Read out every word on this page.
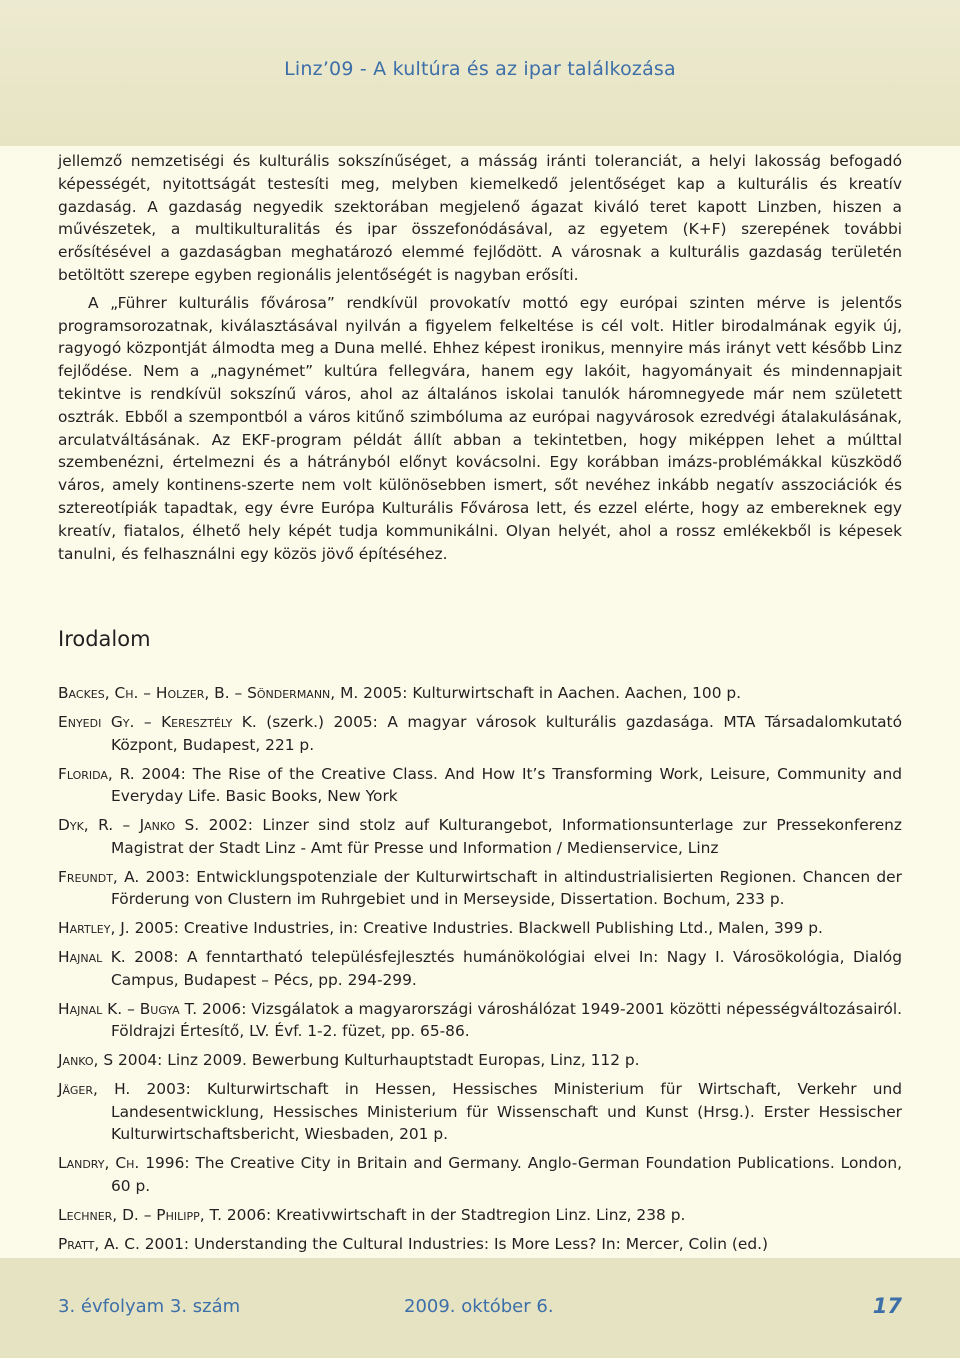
Linz’09 - A kultúra és az ipar találkozása

jellemző nemzetiségi és kulturális sokszínűséget, a másság iránti toleranciát, a helyi lakosság befogadó képességét, nyitottságát testesíti meg, melyben kiemelkedő jelentőséget kap a kulturális és kreatív gazdaság. A gazdaság negyedik szektorában megjelenő ágazat kiváló teret kapott Linzben, hiszen a művészetek, a multikulturalitás és ipar összefonódásával, az egyetem (K+F) szerepének további erősítésével a gazdaságban meghatározó elemmé fejlődött. A városnak a kulturális gazdaság területén betöltött szerepe egyben regionális jelentőségét is nagyban erősíti.

A „Führer kulturális fővárosa” rendkívül provokatív mottó egy európai szinten mérve is jelentős programsorozatnak, kiválasztásával nyilván a figyelem felkeltése is cél volt. Hitler birodalmának egyik új, ragyogó központját álmodta meg a Duna mellé. Ehhez képest ironikus, mennyire más irányt vett később Linz fejlődése. Nem a „nagynémet” kultúra fellegvára, hanem egy lakóit, hagyományait és mindennapjait tekintve is rendkívül sokszínű város, ahol az általános iskolai tanulók háromnegyede már nem született osztrák. Ebből a szempontból a város kitűnő szimbóluma az európai nagyvárosok ezredvégi átalakulásának, arculatváltásának. Az EKF-program példát állít abban a tekintetben, hogy miképpen lehet a múlttal szembenézni, értelmezni és a hátrányból előnyt kovácsolni. Egy korábban imázs-problémákkal küszködő város, amely kontinens-szerte nem volt különösebben ismert, sőt nevéhez inkább negatív asszociációk és sztereotípiák tapadtak, egy évre Európa Kulturális Fővárosa lett, és ezzel elérte, hogy az embereknek egy kreatív, fiatalos, élhető hely képét tudja kommunikálni. Olyan helyét, ahol a rossz emlékekből is képesek tanulni, és felhasználni egy közös jövő építéséhez.

Irodalom

Backes, Ch. – Holzer, B. – Söndermann, M. 2005: Kulturwirtschaft in Aachen. Aachen, 100 p.

Enyedi Gy. – Keresztély K. (szerk.) 2005: A magyar városok kulturális gazdasága. MTA Társadalomkutató Központ, Budapest, 221 p.

Florida, R. 2004: The Rise of the Creative Class. And How It’s Transforming Work, Leisure, Community and Everyday Life. Basic Books, New York

Dyk, R. – Janko S. 2002: Linzer sind stolz auf Kulturangebot, Informationsunterlage zur Pressekonferenz Magistrat der Stadt Linz - Amt für Presse und Information / Medienservice, Linz

Freundt, A. 2003: Entwicklungspotenziale der Kulturwirtschaft in altindustrialisierten Regionen. Chancen der Förderung von Clustern im Ruhrgebiet und in Merseyside, Dissertation. Bochum, 233 p.

Hartley, J. 2005: Creative Industries, in: Creative Industries. Blackwell Publishing Ltd., Malen, 399 p.

Hajnal K. 2008: A fenntartható településfejlesztés humánökológiai elvei In: Nagy I. Városökológia, Dialóg Campus, Budapest – Pécs, pp. 294-299.

Hajnal K. – Bugya T. 2006: Vizsgálatok a magyarországi városhálózat 1949-2001 közötti népességváltozásairól. Földrajzi Értesítő, LV. Évf. 1-2. füzet, pp. 65-86.

Janko, S 2004: Linz 2009. Bewerbung Kulturhauptstadt Europas, Linz, 112 p.

Jäger, H. 2003: Kulturwirtschaft in Hessen, Hessisches Ministerium für Wirtschaft, Verkehr und Landesentwicklung, Hessisches Ministerium für Wissenschaft und Kunst (Hrsg.). Erster Hessischer Kulturwirtschaftsbericht, Wiesbaden, 201 p.

Landry, Ch. 1996: The Creative City in Britain and Germany. Anglo-German Foundation Publications. London, 60 p.

Lechner, D. – Philipp, T. 2006: Kreativwirtschaft in der Stadtregion Linz. Linz, 238 p.

Pratt, A. C. 2001: Understanding the Cultural Industries: Is More Less? In: Mercer, Colin (ed.)

3. évfolyam 3. szám	2009. október 6.	17
